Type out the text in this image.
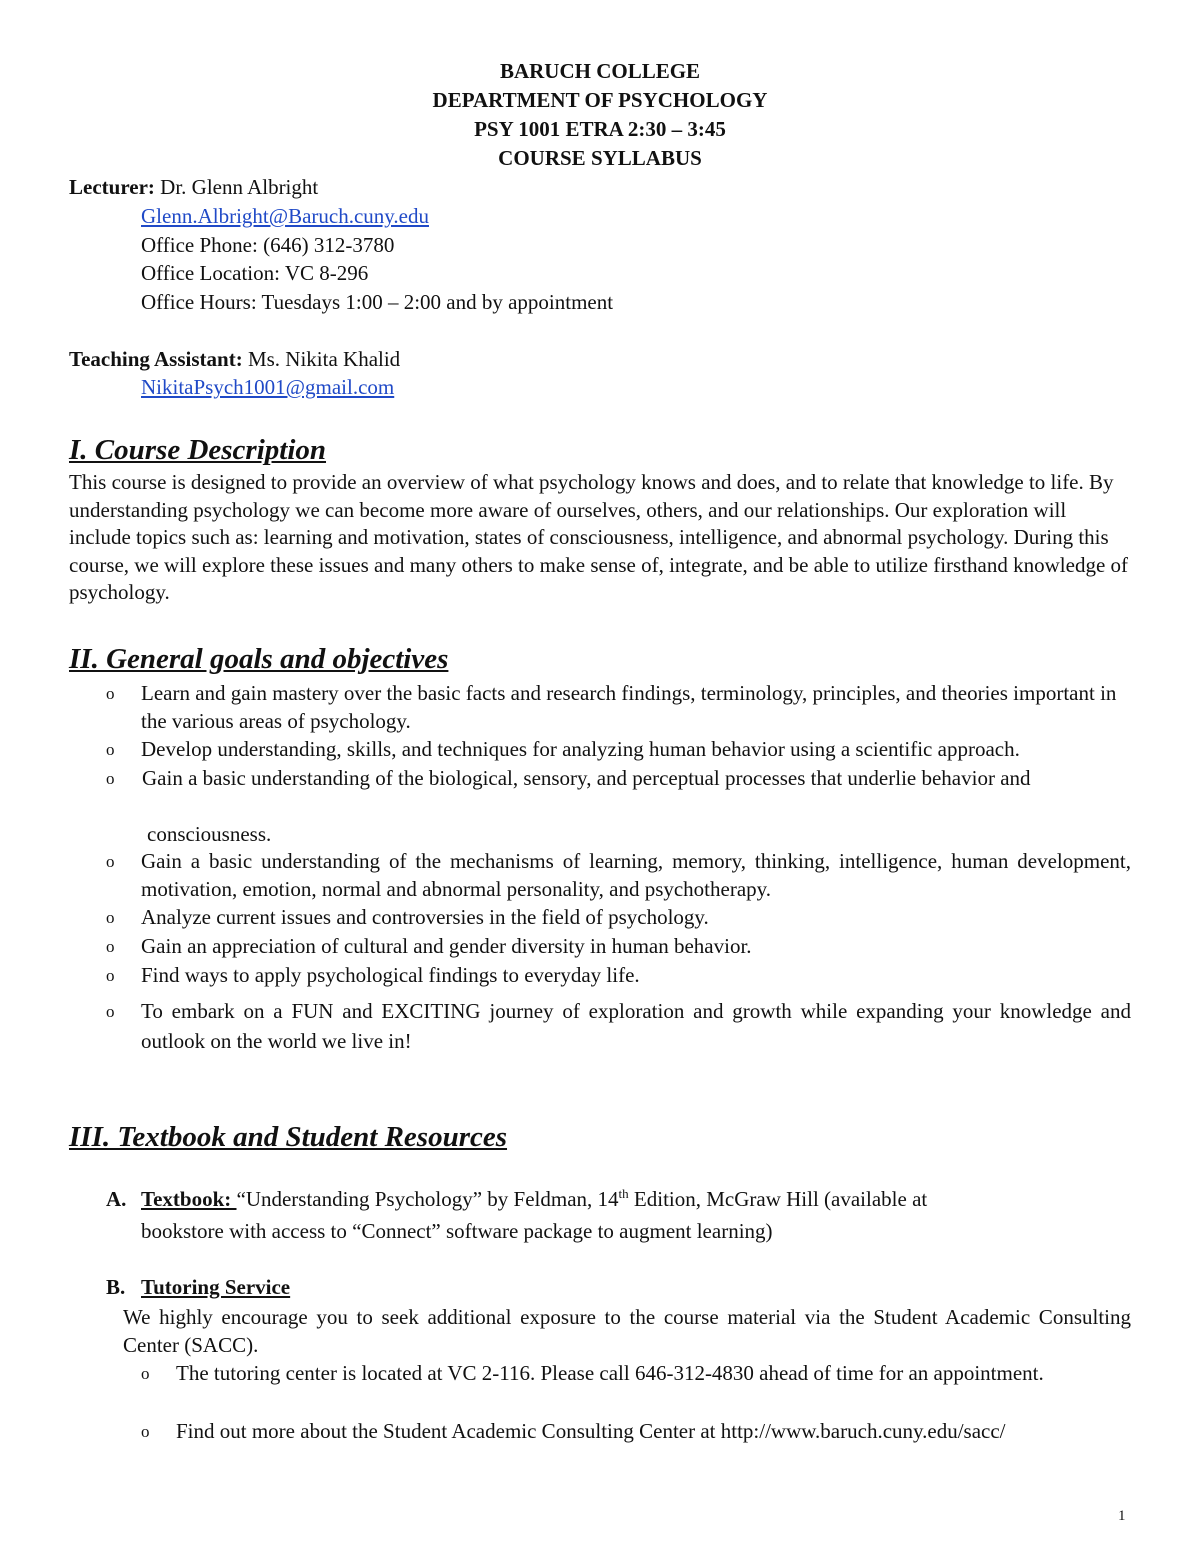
BARUCH COLLEGE
DEPARTMENT OF PSYCHOLOGY
PSY 1001 ETRA 2:30 – 3:45
COURSE SYLLABUS
Lecturer: Dr. Glenn Albright
Glenn.Albright@Baruch.cuny.edu
Office Phone: (646) 312-3780
Office Location: VC 8-296
Office Hours: Tuesdays 1:00 – 2:00 and by appointment
Teaching Assistant: Ms. Nikita Khalid
NikitaPsych1001@gmail.com
I. Course Description
This course is designed to provide an overview of what psychology knows and does, and to relate that knowledge to life. By understanding psychology we can become more aware of ourselves, others, and our relationships. Our exploration will include topics such as: learning and motivation, states of consciousness, intelligence, and abnormal psychology. During this course, we will explore these issues and many others to make sense of, integrate, and be able to utilize firsthand knowledge of psychology.
II. General goals and objectives
o Learn and gain mastery over the basic facts and research findings, terminology, principles, and theories important in the various areas of psychology.
o Develop understanding, skills, and techniques for analyzing human behavior using a scientific approach.
o	Gain a basic understanding of the biological, sensory, and perceptual processes that underlie behavior and
consciousness.
o Gain a basic understanding of the mechanisms of learning, memory, thinking, intelligence, human development, motivation, emotion, normal and abnormal personality, and psychotherapy.
o Analyze current issues and controversies in the field of psychology.
o Gain an appreciation of cultural and gender diversity in human behavior.
o Find ways to apply psychological findings to everyday life.
o To embark on a FUN and EXCITING journey of exploration and growth while expanding your knowledge and outlook on the world we live in!
III. Textbook and Student Resources
A. Textbook: “Understanding Psychology” by Feldman, 14th Edition, McGraw Hill (available at
bookstore with access to “Connect” software package to augment learning)
B. Tutoring Service
We highly encourage you to seek additional exposure to the course material via the Student Academic Consulting Center (SACC).
o The tutoring center is located at VC 2-116. Please call 646-312-4830 ahead of time for an appointment.
o Find out more about the Student Academic Consulting Center at http://www.baruch.cuny.edu/sacc/
1
